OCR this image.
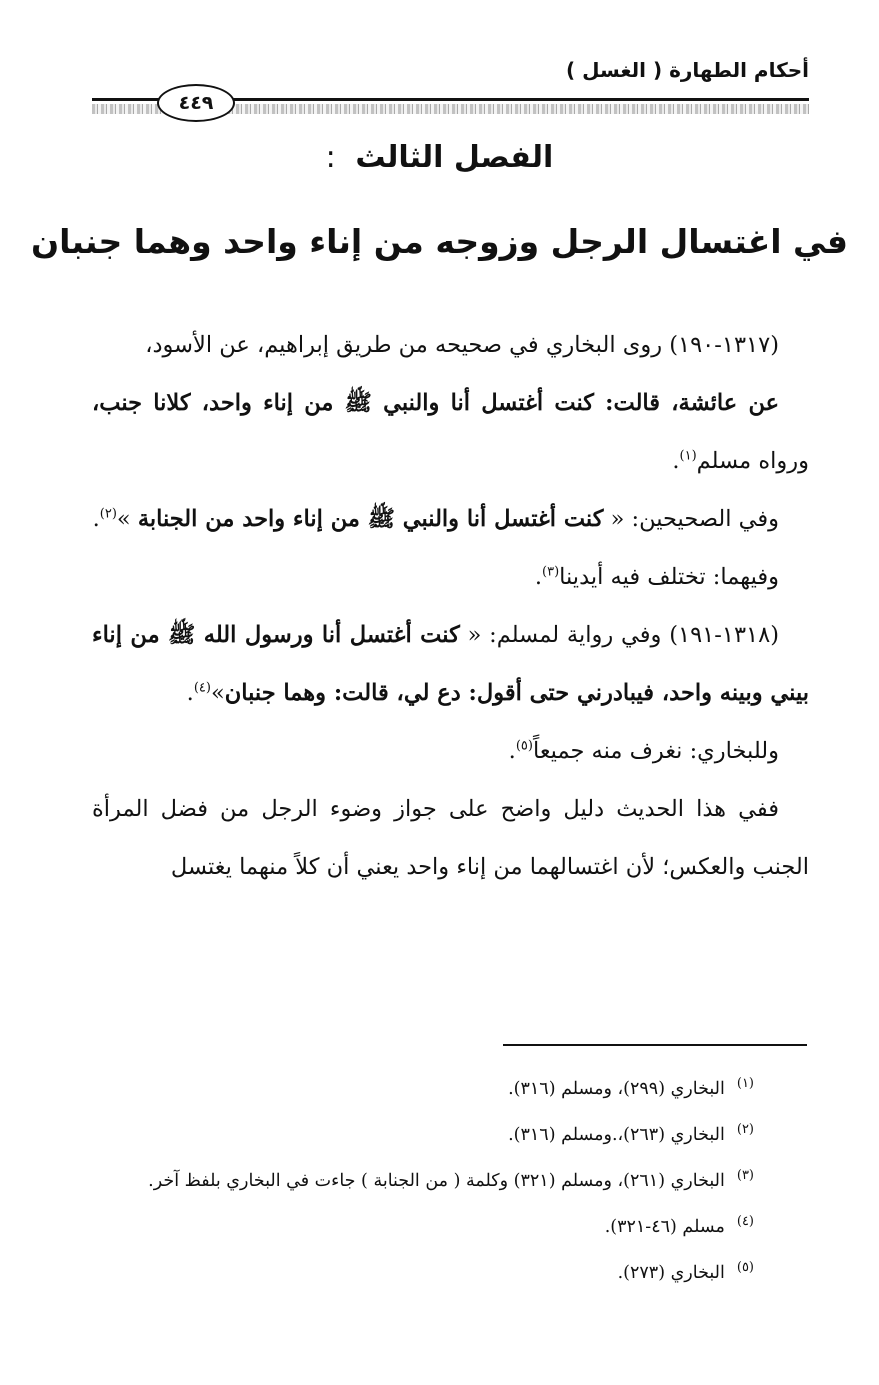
أحكام الطهارة ( الغسل )
٤٤٩
الفصل الثالث :
في اغتسال الرجل وزوجه من إناء واحد وهما جنبان

(١٣١٧-١٩٠) روى البخاري في صحيحه من طريق إبراهيم، عن الأسود،

عن عائشة، قالت: كنت أغتسل أنا والنبي ﷺ من إناء واحد، كلانا جنب، ورواه مسلم$^{(١)}$.

وفي الصحيحين: « كنت أغتسل أنا والنبي ﷺ من إناء واحد من الجنابة »$^{(٢)}$.

وفيهما: تختلف فيه أيدينا$^{(٣)}$.

(١٣١٨-١٩١) وفي رواية لمسلم: « كنت أغتسل أنا ورسول الله ﷺ من إناء بيني وبينه واحد، فيبادرني حتى أقول: دع لي، قالت: وهما جنبان»$^{(٤)}$.

وللبخاري: نغرف منه جميعاً$^{(٥)}$.

ففي هذا الحديث دليل واضح على جواز وضوء الرجل من فضل المرأة الجنب والعكس؛ لأن اغتسالهما من إناء واحد يعني أن كلاً منهما يغتسل

$^{(١)}$البخاري (٢٩٩)، ومسلم (٣١٦).
$^{(٢)}$البخاري (٢٦٣)،.ومسلم (٣١٦).
$^{(٣)}$البخاري (٢٦١)، ومسلم (٣٢١) وكلمة ( من الجنابة ) جاءت في البخاري بلفظ آخر.
$^{(٤)}$مسلم (٤٦-٣٢١).
$^{(٥)}$البخاري (٢٧٣).
